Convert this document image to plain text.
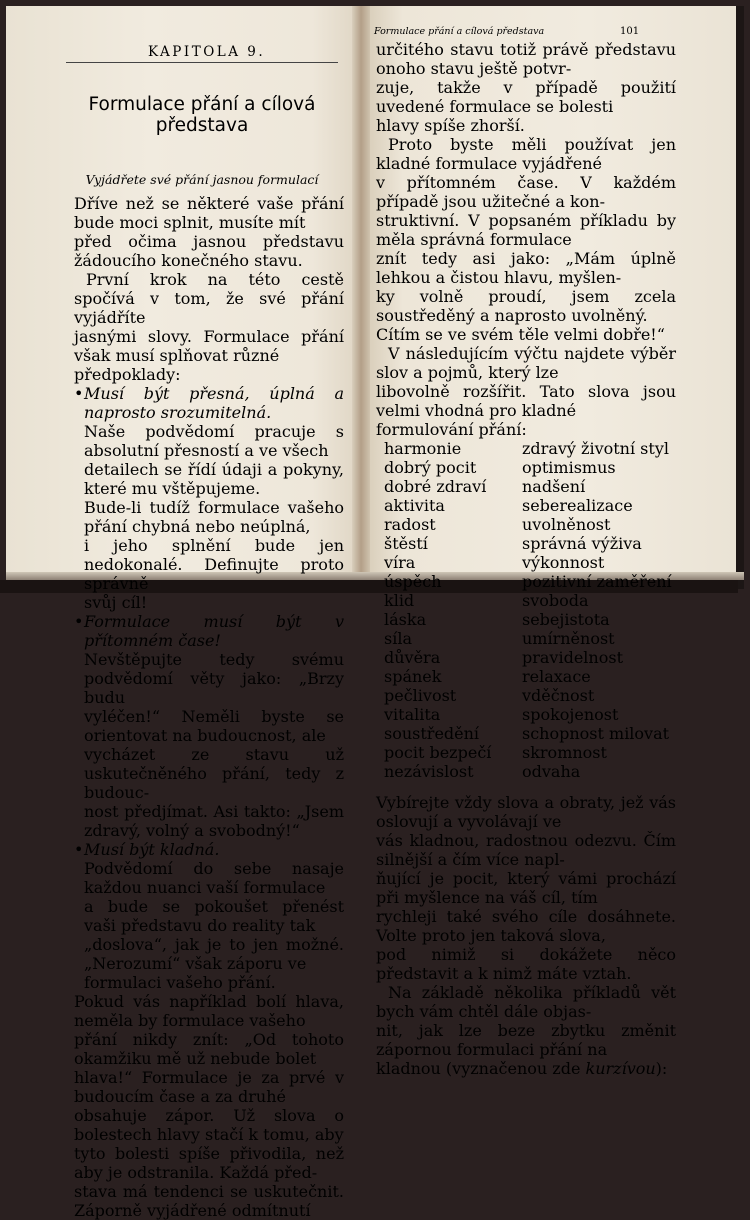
KAPITOLA 9.
Formulace přání a cílová představa
Vyjádřete své přání jasnou formulací

Dříve než se některé vaše přání bude moci splnit, musíte mít

před očima jasnou představu žádoucího konečného stavu.

První krok na této cestě spočívá v tom, že své přání vyjádříte

jasnými slovy. Formulace přání však musí splňovat různé

předpoklady:

• Musí být přesná, úplná a naprosto srozumitelná.

Naše podvědomí pracuje s absolutní přesností a ve všech

detailech se řídí údaji a pokyny, které mu vštěpujeme.

Bude-li tudíž formulace vašeho přání chybná nebo neúplná,

i jeho splnění bude jen nedokonalé. Definujte proto správně

svůj cíl!

• Formulace musí být v přítomném čase!

Nevštěpujte tedy svému podvědomí věty jako: „Brzy budu

vyléčen!“ Neměli byste se orientovat na budoucnost, ale

vycházet ze stavu už uskutečněného přání, tedy z budouc-

nost předjímat. Asi takto: „Jsem zdravý, volný a svobodný!“

• Musí být kladná.

Podvědomí do sebe nasaje každou nuanci vaší formulace

a bude se pokoušet přenést vaši představu do reality tak

„doslova“, jak je to jen možné. „Nerozumí“ však záporu ve

formulaci vašeho přání.

Pokud vás například bolí hlava, neměla by formulace vašeho

přání nikdy znít: „Od tohoto okamžiku mě už nebude bolet

hlava!“ Formulace je za prvé v budoucím čase a za druhé

obsahuje zápor. Už slova o bolestech hlavy stačí k tomu, aby

tyto bolesti spíše přivodila, než aby je odstranila. Každá před-

stava má tendenci se uskutečnit. Záporně vyjádřené odmítnutí

Formulace přání a cílová představa	101

určitého stavu totiž právě představu onoho stavu ještě potvr-

zuje, takže v případě použití uvedené formulace se bolesti

hlavy spíše zhorší.

Proto byste měli používat jen kladné formulace vyjádřené

v přítomném čase. V každém případě jsou užitečné a kon-

struktivní. V popsaném příkladu by měla správná formulace

znít tedy asi jako: „Mám úplně lehkou a čistou hlavu, myšlen-

ky volně proudí, jsem zcela soustředěný a naprosto uvolněný.

Cítím se ve svém těle velmi dobře!“

V následujícím výčtu najdete výběr slov a pojmů, který lze

libovolně rozšířit. Tato slova jsou velmi vhodná pro kladné

formulování přání:

harmonie	zdravý životní styl
dobrý pocit	optimismus
dobré zdraví	nadšení
aktivita	seberealizace
radost	uvolněnost
štěstí	správná výživa
víra	výkonnost
úspěch	pozitivní zaměření
klid	svoboda
láska	sebejistota
síla	umírněnost
důvěra	pravidelnost
spánek	relaxace
pečlivost	vděčnost
vitalita	spokojenost
soustředění	schopnost milovat
pocit bezpečí	skromnost
nezávislost	odvaha

Vybírejte vždy slova a obraty, jež vás oslovují a vyvolávají ve

vás kladnou, radostnou odezvu. Čím silnější a čím více napl-

ňující je pocit, který vámi prochází při myšlence na váš cíl, tím

rychleji také svého cíle dosáhnete. Volte proto jen taková slova,

pod nimiž si dokážete něco představit a k nimž máte vztah.

Na základě několika příkladů vět bych vám chtěl dále objas-

nit, jak lze beze zbytku změnit zápornou formulaci přání na

kladnou (vyznačenou zde kurzívou):
